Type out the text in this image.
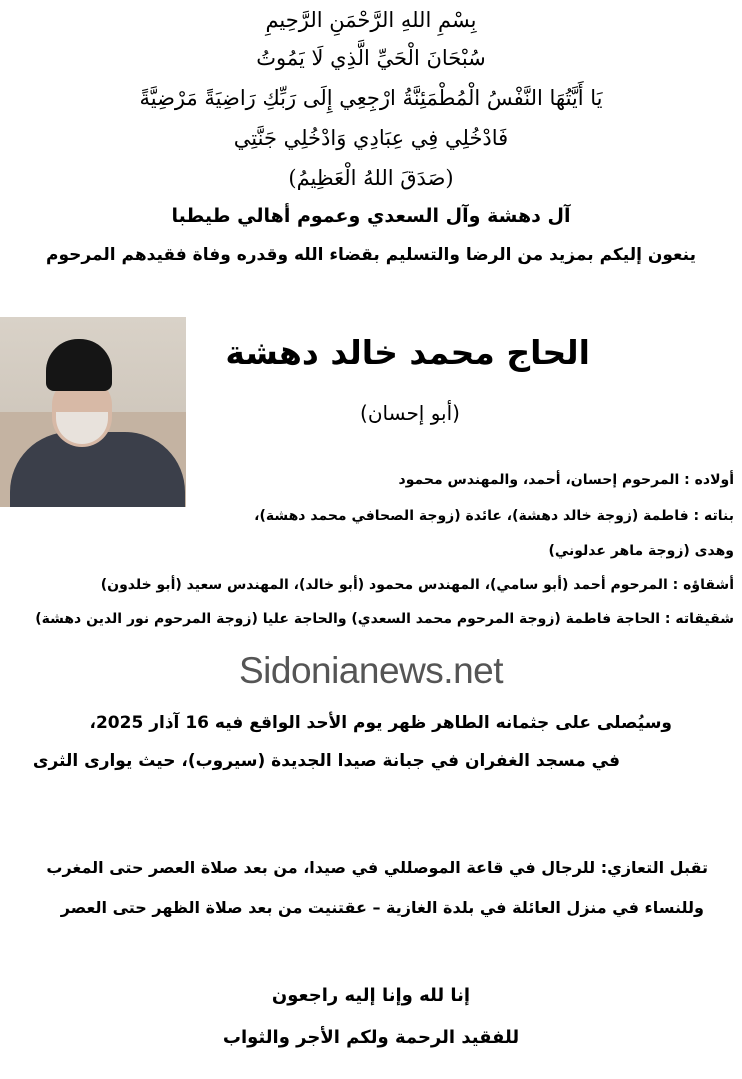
بِسْمِ اللهِ الرَّحْمَنِ الرَّحِيمِ
سُبْحَانَ الْحَيِّ الَّذِي لَا يَمُوتُ
يَا أَيَّتُهَا النَّفْسُ الْمُطْمَئِنَّةُ ارْجِعِي إِلَى رَبِّكِ رَاضِيَةً مَرْضِيَّةً
فَادْخُلِي فِي عِبَادِي وَادْخُلِي جَنَّتِي
(صَدَقَ اللهُ الْعَظِيمُ)
آل دهشة وآل السعدي وعموم أهالي طيطبا
ينعون إليكم بمزيد من الرضا والتسليم بقضاء الله وقدره وفاة فقيدهم المرحوم
الحاج محمد خالد دهشة
(أبو إحسان)
أولاده : المرحوم إحسان، أحمد، والمهندس محمود
بناته : فاطمة (زوجة خالد دهشة)، عائدة (زوجة الصحافي محمد دهشة)،
وهدى (زوجة ماهر عدلوني)
أشقاؤه : المرحوم أحمد (أبو سامي)، المهندس محمود (أبو خالد)، المهندس سعيد (أبو خلدون)
شقيقاته : الحاجة فاطمة (زوجة المرحوم محمد السعدي) والحاجة عليا (زوجة المرحوم نور الدين دهشة)
Sidonianews.net
وسيُصلى على جثمانه الطاهر ظهر يوم الأحد الواقع فيه 16 آذار 2025،
في مسجد الغفران في جبانة صيدا الجديدة (سيروب)، حيث يوارى الثرى
تقبل التعازي: للرجال في قاعة الموصللي في صيدا، من بعد صلاة العصر حتى المغرب
وللنساء في منزل العائلة في بلدة الغازية – عقتنيت من بعد صلاة الظهر حتى العصر
إنا لله وإنا إليه راجعون
للفقيد الرحمة ولكم الأجر والثواب
